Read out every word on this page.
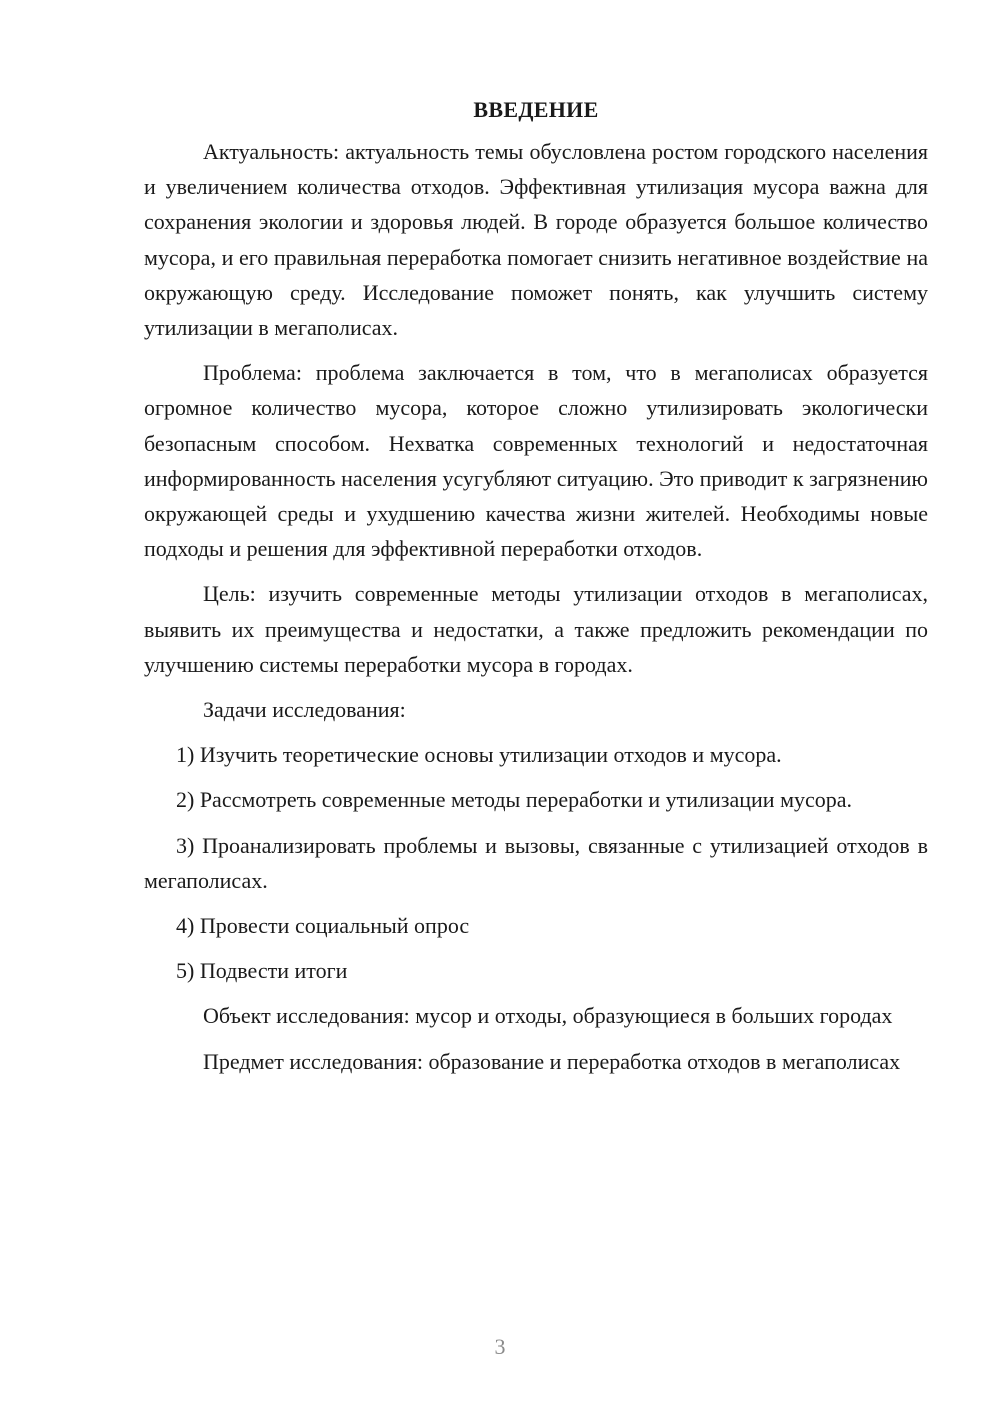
ВВЕДЕНИЕ

Актуальность: актуальность темы обусловлена ростом городского населения и увеличением количества отходов. Эффективная утилизация мусора важна для сохранения экологии и здоровья людей. В городе образуется большое количество мусора, и его правильная переработка помогает снизить негативное воздействие на окружающую среду. Исследование поможет понять, как улучшить систему утилизации в мегаполисах.

Проблема: проблема заключается в том, что в мегаполисах образуется огромное количество мусора, которое сложно утилизировать экологически безопасным способом. Нехватка современных технологий и недостаточная информированность населения усугубляют ситуацию. Это приводит к загрязнению окружающей среды и ухудшению качества жизни жителей. Необходимы новые подходы и решения для эффективной переработки отходов.

Цель: изучить современные методы утилизации отходов в мегаполисах, выявить их преимущества и недостатки, а также предложить рекомендации по улучшению системы переработки мусора в городах.

Задачи исследования:

1) Изучить теоретические основы утилизации отходов и мусора.

2) Рассмотреть современные методы переработки и утилизации мусора.

3) Проанализировать проблемы и вызовы, связанные с утилизацией отходов в мегаполисах.

4) Провести социальный опрос

5) Подвести итоги

Объект исследования: мусор и отходы, образующиеся в больших городах

Предмет исследования: образование и переработка отходов в мегаполисах

3
